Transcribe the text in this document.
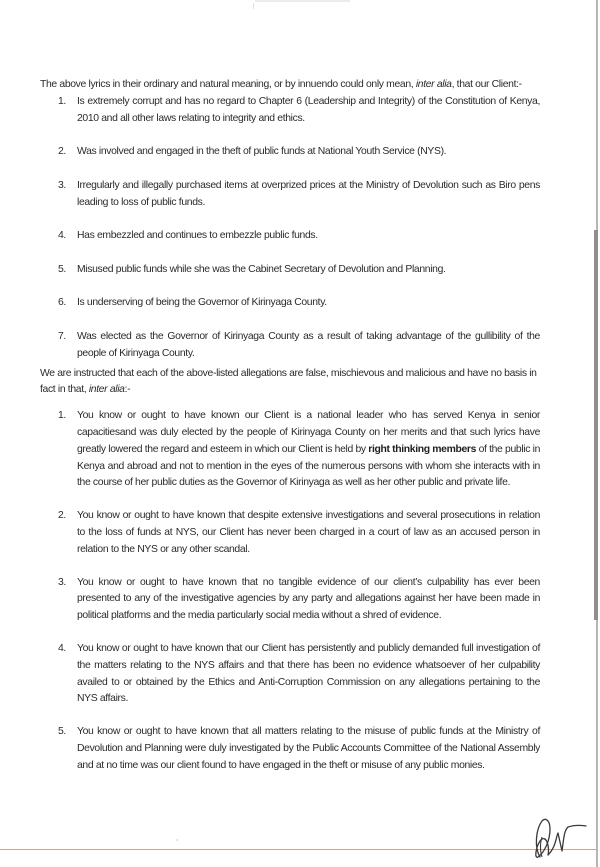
The above lyrics in their ordinary and natural meaning, or by innuendo could only mean, inter alia, that our Client:-

1. Is extremely corrupt and has no regard to Chapter 6 (Leadership and Integrity) of the Constitution of Kenya, 2010 and all other laws relating to integrity and ethics.
2. Was involved and engaged in the theft of public funds at National Youth Service (NYS).
3. Irregularly and illegally purchased items at overprized prices at the Ministry of Devolution such as Biro pens leading to loss of public funds.
4. Has embezzled and continues to embezzle public funds.
5. Misused public funds while she was the Cabinet Secretary of Devolution and Planning.
6. Is underserving of being the Governor of Kirinyaga County.
7. Was elected as the Governor of Kirinyaga County as a result of taking advantage of the gullibility of the people of Kirinyaga County.

We are instructed that each of the above-listed allegations are false, mischievous and malicious and have no basis in fact in that, inter alia:-

1. You know or ought to have known our Client is a national leader who has served Kenya in senior capacitiesand was duly elected by the people of Kirinyaga County on her merits and that such lyrics have greatly lowered the regard and esteem in which our Client is held by right thinking members of the public in Kenya and abroad and not to mention in the eyes of the numerous persons with whom she interacts with in the course of her public duties as the Governor of Kirinyaga as well as her other public and private life.
2. You know or ought to have known that despite extensive investigations and several prosecutions in relation to the loss of funds at NYS, our Client has never been charged in a court of law as an accused person in relation to the NYS or any other scandal.
3. You know or ought to have known that no tangible evidence of our client’s culpability has ever been presented to any of the investigative agencies by any party and allegations against her have been made in political platforms and the media particularly social media without a shred of evidence.
4. You know or ought to have known that our Client has persistently and publicly demanded full investigation of the matters relating to the NYS affairs and that there has been no evidence whatsoever of her culpability availed to or obtained by the Ethics and Anti-Corruption Commission on any allegations pertaining to the NYS affairs.
5. You know or ought to have known that all matters relating to the misuse of public funds at the Ministry of Devolution and Planning were duly investigated by the Public Accounts Committee of the National Assembly and at no time was our client found to have engaged in the theft or misuse of any public monies.
